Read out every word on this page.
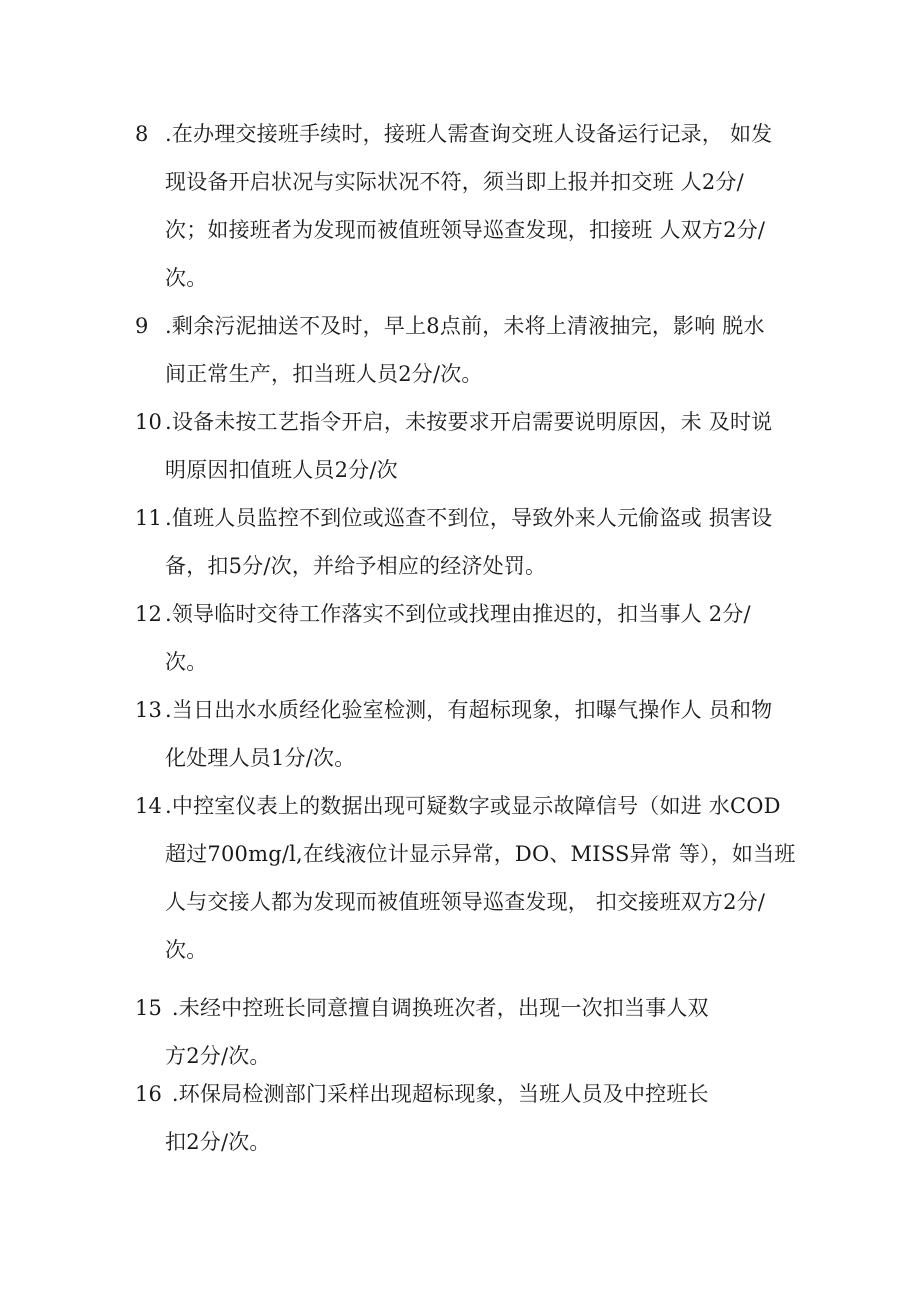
8 .在办理交接班手续时，接班人需查询交班人设备运行记录， 如发
现设备开启状况与实际状况不符，须当即上报并扣交班 人2分/
次；如接班者为发现而被值班领导巡查发现，扣接班 人双方2分/
次。
9 .剩余污泥抽送不及时，早上8点前，未将上清液抽完，影响 脱水
间正常生产，扣当班人员2分/次。
10 .设备未按工艺指令开启，未按要求开启需要说明原因，未 及时说
明原因扣值班人员2分/次
11 .值班人员监控不到位或巡查不到位，导致外来人元偷盗或 损害设
备，扣5分/次，并给予相应的经济处罚。
12 .领导临时交待工作落实不到位或找理由推迟的，扣当事人 2分/
次。
13 .当日出水水质经化验室检测，有超标现象，扣曝气操作人 员和物
化处理人员1分/次。
14 .中控室仪表上的数据出现可疑数字或显示故障信号（如进 水COD
超过700mg/l,在线液位计显示异常，DO、MISS异常 等），如当班
人与交接人都为发现而被值班领导巡查发现， 扣交接班双方2分/
次。
15 .未经中控班长同意擅自调换班次者，出现一次扣当事人双
方2分/次。
16 .环保局检测部门采样出现超标现象，当班人员及中控班长
扣2分/次。
